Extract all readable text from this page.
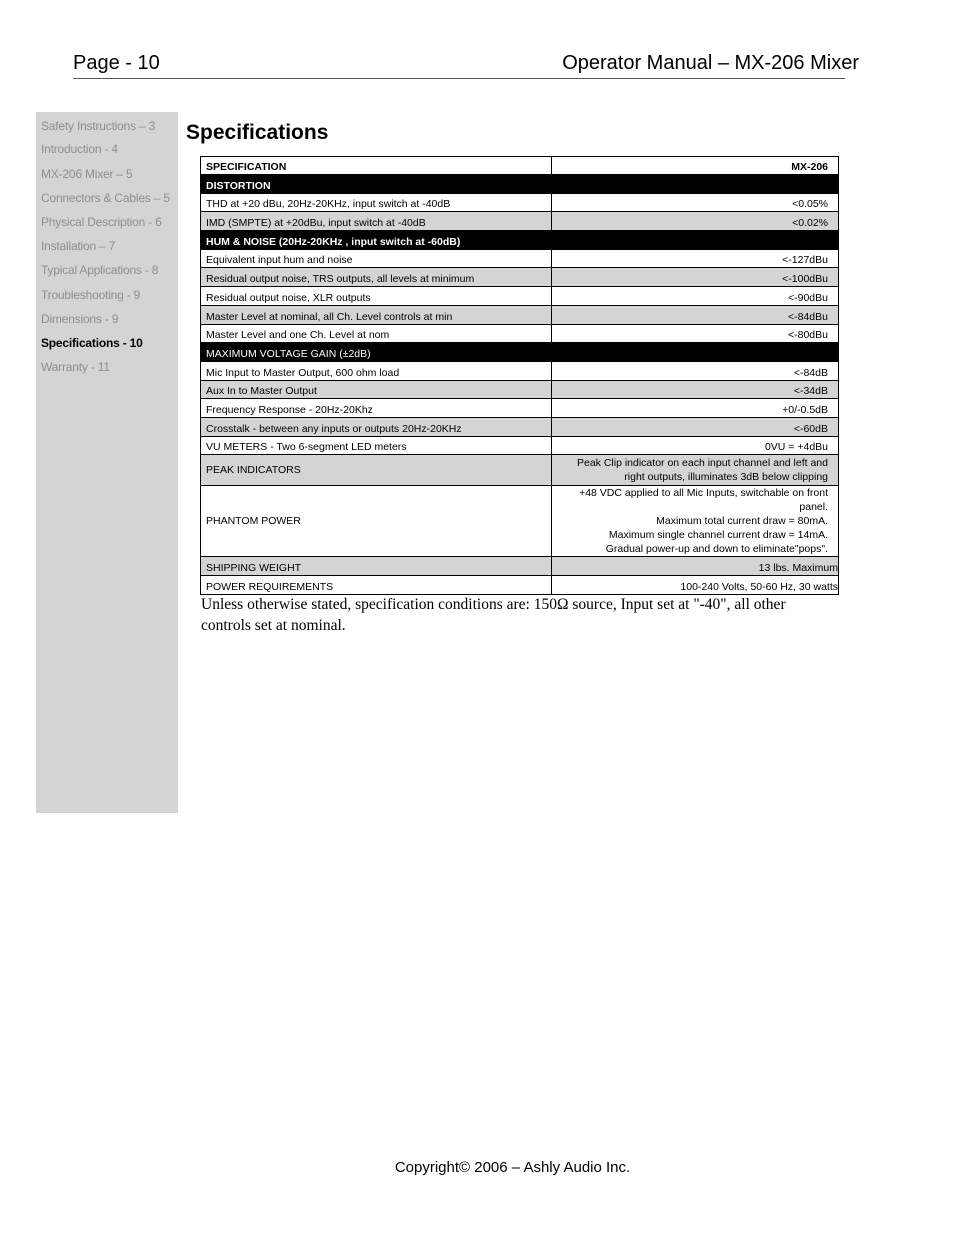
Page - 10	Operator Manual – MX-206 Mixer
Safety Instructions – 3
Introduction - 4
MX-206 Mixer – 5
Connectors & Cables – 5
Physical Description - 6
Installation – 7
Typical Applications - 8
Troubleshooting - 9
Dimensions - 9
Specifications - 10
Warranty - 11
Specifications
SPECIFICATION	MX-206
DISTORTION	
THD at +20 dBu, 20Hz-20KHz, input switch at -40dB	<0.05%
IMD (SMPTE) at +20dBu, input switch at -40dB	<0.02%
HUM & NOISE (20Hz-20KHz , input switch at -60dB)	
Equivalent input hum and noise	<-127dBu
Residual output noise, TRS outputs, all levels at minimum	<-100dBu
Residual output noise, XLR outputs	<-90dBu
Master Level at nominal, all Ch. Level controls at min	<-84dBu
Master Level and one Ch. Level at nom	<-80dBu
MAXIMUM VOLTAGE GAIN (±2dB)	
Mic Input to Master Output, 600 ohm load	<-84dB
Aux In to Master Output	<-34dB
Frequency Response - 20Hz-20Khz	+0/-0.5dB
Crosstalk - between any inputs or outputs 20Hz-20KHz	<-60dB
VU METERS - Two 6-segment LED meters	0VU = +4dBu
PEAK INDICATORS	Peak Clip indicator on each input channel and left and right outputs, illuminates 3dB below clipping
PHANTOM POWER	+48 VDC applied to all Mic Inputs, switchable on front panel.
Maximum total current draw = 80mA.
Maximum single channel current draw = 14mA.
Gradual power-up and down to eliminate"pops".

SHIPPING WEIGHT	13 lbs. Maximum
POWER REQUIREMENTS	100-240 Volts, 50-60 Hz, 30 watts
Unless otherwise stated, specification conditions are: 150Ω source, Input set at "-40", all other controls set at nominal.
Copyright© 2006 – Ashly Audio Inc.
